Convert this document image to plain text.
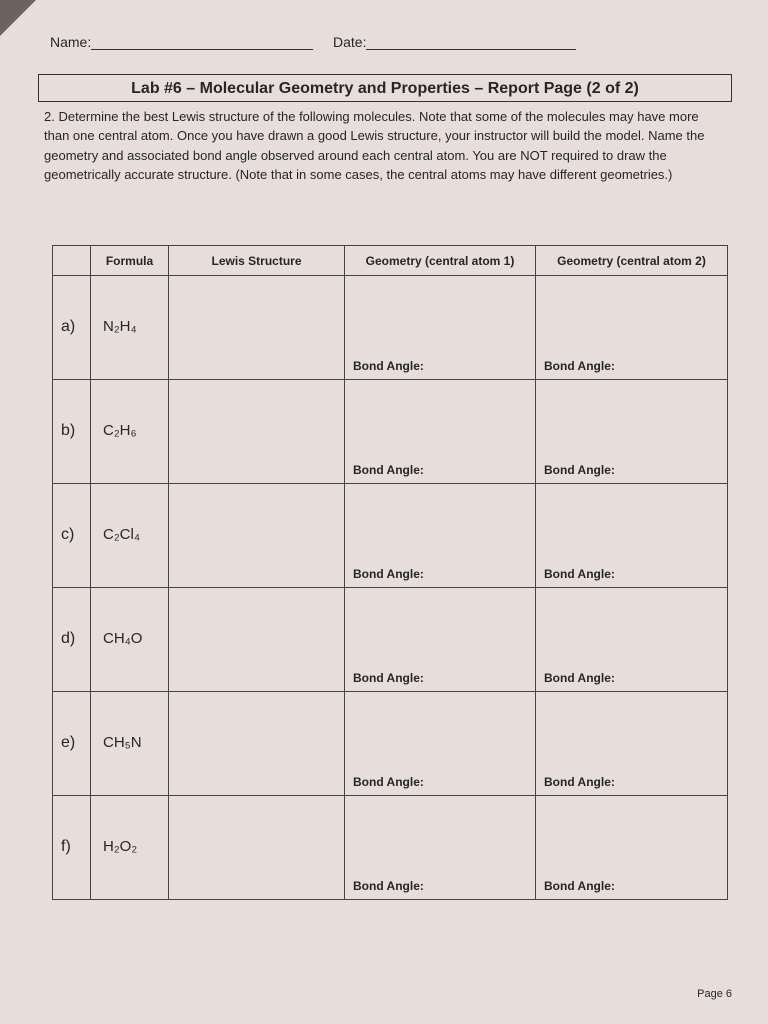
Name:	Date:
Lab #6 – Molecular Geometry and Properties – Report Page (2 of 2)

2. Determine the best Lewis structure of the following molecules. Note that some of the molecules may have more than one central atom. Once you have drawn a good Lewis structure, your instructor will build the model. Name the geometry and associated bond angle observed around each central atom. You are NOT required to draw the geometrically accurate structure. (Note that in some cases, the central atoms may have different geometries.)

	Formula	Lewis Structure	Geometry (central atom 1)	Geometry (central atom 2)

a)	N₂H₄		Bond Angle:	Bond Angle:

b)	C₂H₆		Bond Angle:	Bond Angle:

c)	C₂Cl₄		Bond Angle:	Bond Angle:

d)	CH₄O		Bond Angle:	Bond Angle:

e)	CH₅N		Bond Angle:	Bond Angle:

f)	H₂O₂		Bond Angle:	Bond Angle:
Page 6
